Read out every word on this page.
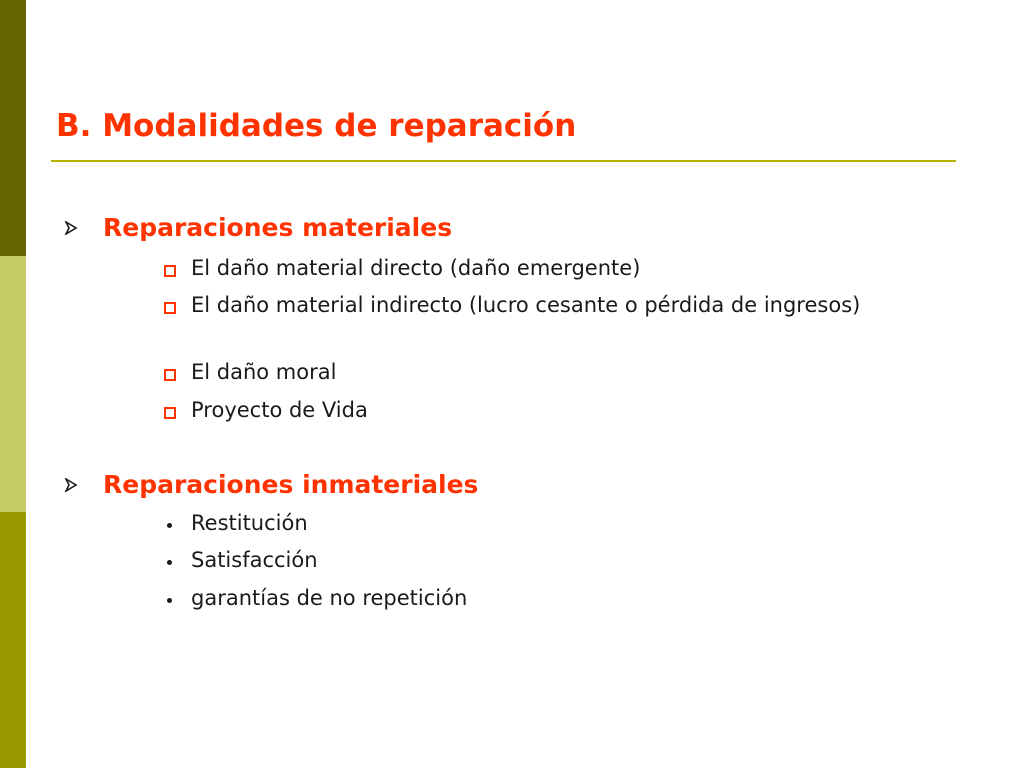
B. Modalidades de reparación
Reparaciones materiales
El daño material directo (daño emergente)
El daño material indirecto (lucro cesante o pérdida de ingresos)
El daño moral
Proyecto de Vida
Reparaciones inmateriales
Restitución
Satisfacción
garantías de no repetición
